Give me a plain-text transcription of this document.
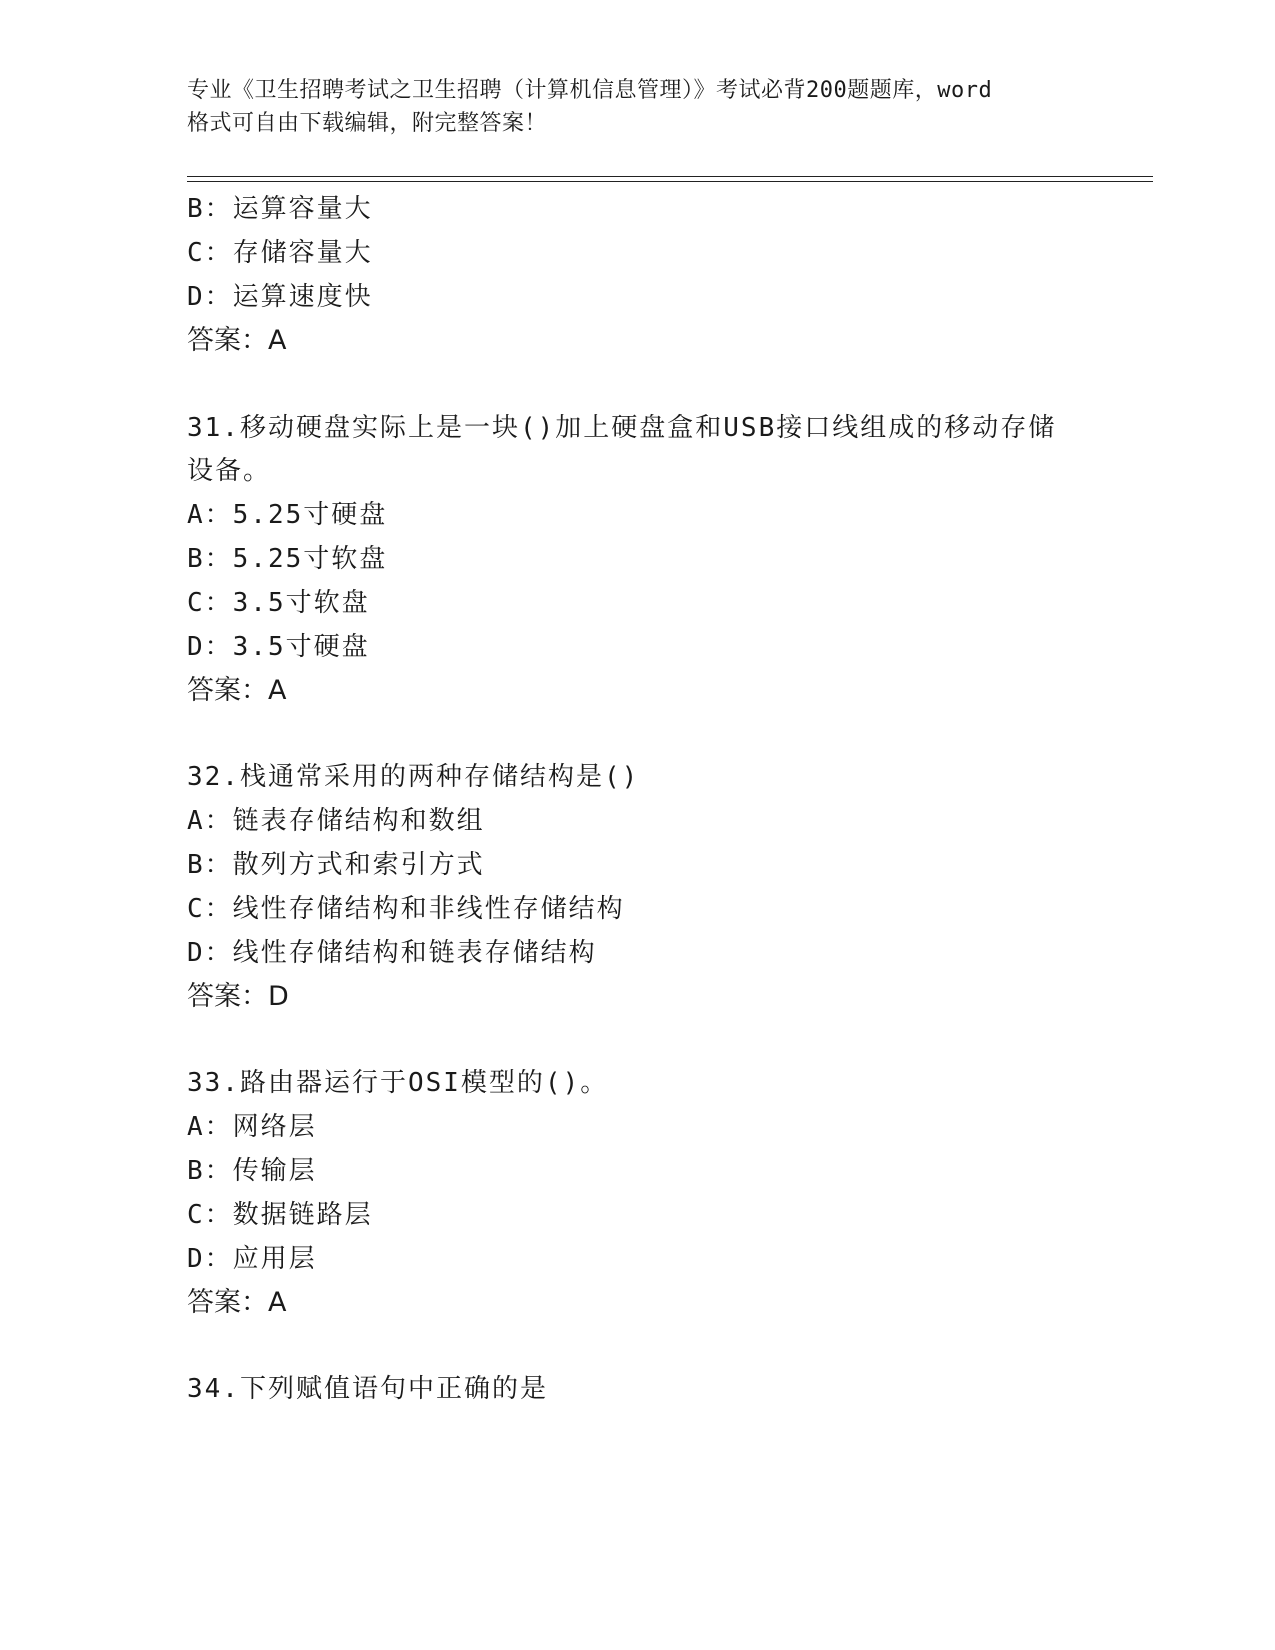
专业《卫生招聘考试之卫生招聘（计算机信息管理）》考试必背200题题库，word
格式可自由下载编辑，附完整答案！
B：运算容量大
C：存储容量大
D：运算速度快
答案：A
31.移动硬盘实际上是一块()加上硬盘盒和USB接口线组成的移动存储
设备。
A：5.25寸硬盘
B：5.25寸软盘
C：3.5寸软盘
D：3.5寸硬盘
答案：A
32.栈通常采用的两种存储结构是()
A：链表存储结构和数组
B：散列方式和索引方式
C：线性存储结构和非线性存储结构
D：线性存储结构和链表存储结构
答案：D
33.路由器运行于OSI模型的()。
A：网络层
B：传输层
C：数据链路层
D：应用层
答案：A
34.下列赋值语句中正确的是
